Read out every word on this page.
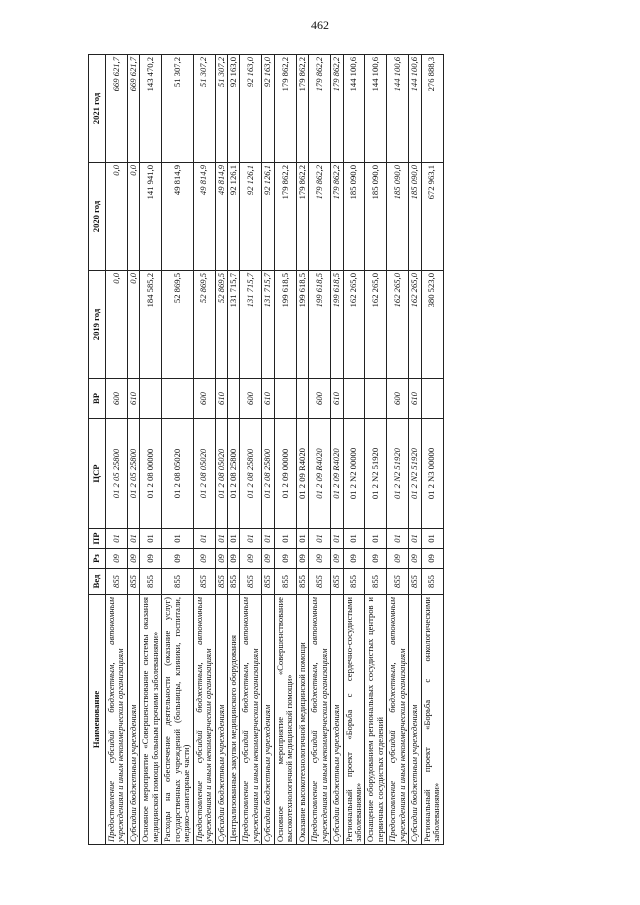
462
Наименование	Вед	Рз	ПР	ЦСР	ВР	2019 год	2020 год	2021 год
Предоставление субсидий бюджетным, автономным учреждениям и иным некоммерческим организациям	855	09	01	01 2 05 25800	600	0,0	0,0	669 621,7
Субсидии бюджетным учреждениям	855	09	01	01 2 05 25800	610	0,0	0,0	669 621,7
Основное мероприятие «Совершенствование системы оказания медицинской помощи больным прочими заболеваниями»	855	09	01	01 2 08 00000		184 585,2	141 941,0	143 470,2
Расходы на обеспечение деятельности (оказание услуг) государственных учреждений (больницы, клиники, госпитали, медико-санитарные части)	855	09	01	01 2 08 05020		52 869,5	49 814,9	51 307,2
Предоставление субсидий бюджетным, автономным учреждениям и иным некоммерческим организациям	855	09	01	01 2 08 05020	600	52 869,5	49 814,9	51 307,2
Субсидии бюджетным учреждениям	855	09	01	01 2 08 05020	610	52 869,5	49 814,9	51 307,2
Централизованные закупки медицинского оборудования	855	09	01	01 2 08 25800		131 715,7	92 126,1	92 163,0
Предоставление субсидий бюджетным, автономным учреждениям и иным некоммерческим организациям	855	09	01	01 2 08 25800	600	131 715,7	92 126,1	92 163,0
Субсидии бюджетным учреждениям	855	09	01	01 2 08 25800	610	131 715,7	92 126,1	92 163,0
Основное мероприятие «Совершенствование высокотехнологичной медицинской помощи»	855	09	01	01 2 09 00000		199 618,5	179 862,2	179 862,2
Оказание высокотехнологичной медицинской помощи	855	09	01	01 2 09 R4020		199 618,5	179 862,2	179 862,2
Предоставление субсидий бюджетным, автономным учреждениям и иным некоммерческим организациям	855	09	01	01 2 09 R4020	600	199 618,5	179 862,2	179 862,2
Субсидии бюджетным учреждениям	855	09	01	01 2 09 R4020	610	199 618,5	179 862,2	179 862,2
Региональный проект «Борьба с сердечно-сосудистыми заболеваниями»	855	09	01	01 2 N2 00000		162 265,0	185 090,0	144 100,6
Оснащение оборудованием региональных сосудистых центров и первичных сосудистых отделений	855	09	01	01 2 N2 51920		162 265,0	185 090,0	144 100,6
Предоставление субсидий бюджетным, автономным учреждениям и иным некоммерческим организациям	855	09	01	01 2 N2 51920	600	162 265,0	185 090,0	144 100,6
Субсидии бюджетным учреждениям	855	09	01	01 2 N2 51920	610	162 265,0	185 090,0	144 100,6
Региональный проект «Борьба с онкологическими заболеваниями»	855	09	01	01 2 N3 00000		380 523,0	672 963,1	276 888,3
